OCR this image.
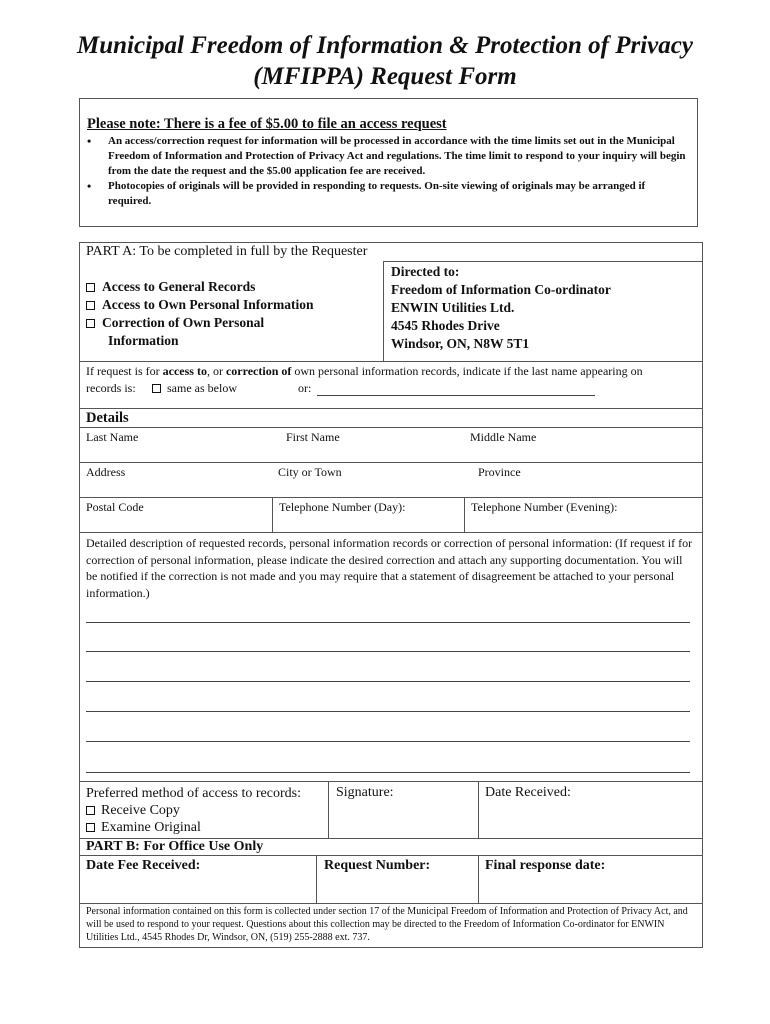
Municipal Freedom of Information & Protection of Privacy
(MFIPPA) Request Form
Please note: There is a fee of $5.00 to file an access request
• An access/correction request for information will be processed in accordance with the time limits set out in the Municipal Freedom of Information and Protection of Privacy Act and regulations. The time limit to respond to your inquiry will begin from the date the request and the $5.00 application fee are received.
• Photocopies of originals will be provided in responding to requests. On-site viewing of originals may be arranged if required.
PART A: To be completed in full by the Requester
Access to General Records
Access to Own Personal Information
Correction of Own Personal
Information
Directed to:
Freedom of Information Co-ordinator
ENWIN Utilities Ltd.
4545 Rhodes Drive
Windsor, ON, N8W 5T1
If request is for access to, or correction of own personal information records, indicate if the last name appearing on
records is:	same as below	or:
Details
Last Name	First Name	Middle Name
Address	City or Town	Province
Postal Code	Telephone Number (Day):	Telephone Number (Evening):
Detailed description of requested records, personal information records or correction of personal information: (If request if for correction of personal information, please indicate the desired correction and attach any supporting documentation. You will be notified if the correction is not made and you may require that a statement of disagreement be attached to your personal information.)
Preferred method of access to records:
Receive Copy
Examine Original
Signature:	Date Received:
PART B: For Office Use Only
Date Fee Received:	Request Number:	Final response date:
Personal information contained on this form is collected under section 17 of the Municipal Freedom of Information and Protection of Privacy Act, and will be used to respond to your request. Questions about this collection may be directed to the Freedom of Information Co-ordinator for ENWIN Utilities Ltd., 4545 Rhodes Dr, Windsor, ON, (519) 255-2888 ext. 737.
